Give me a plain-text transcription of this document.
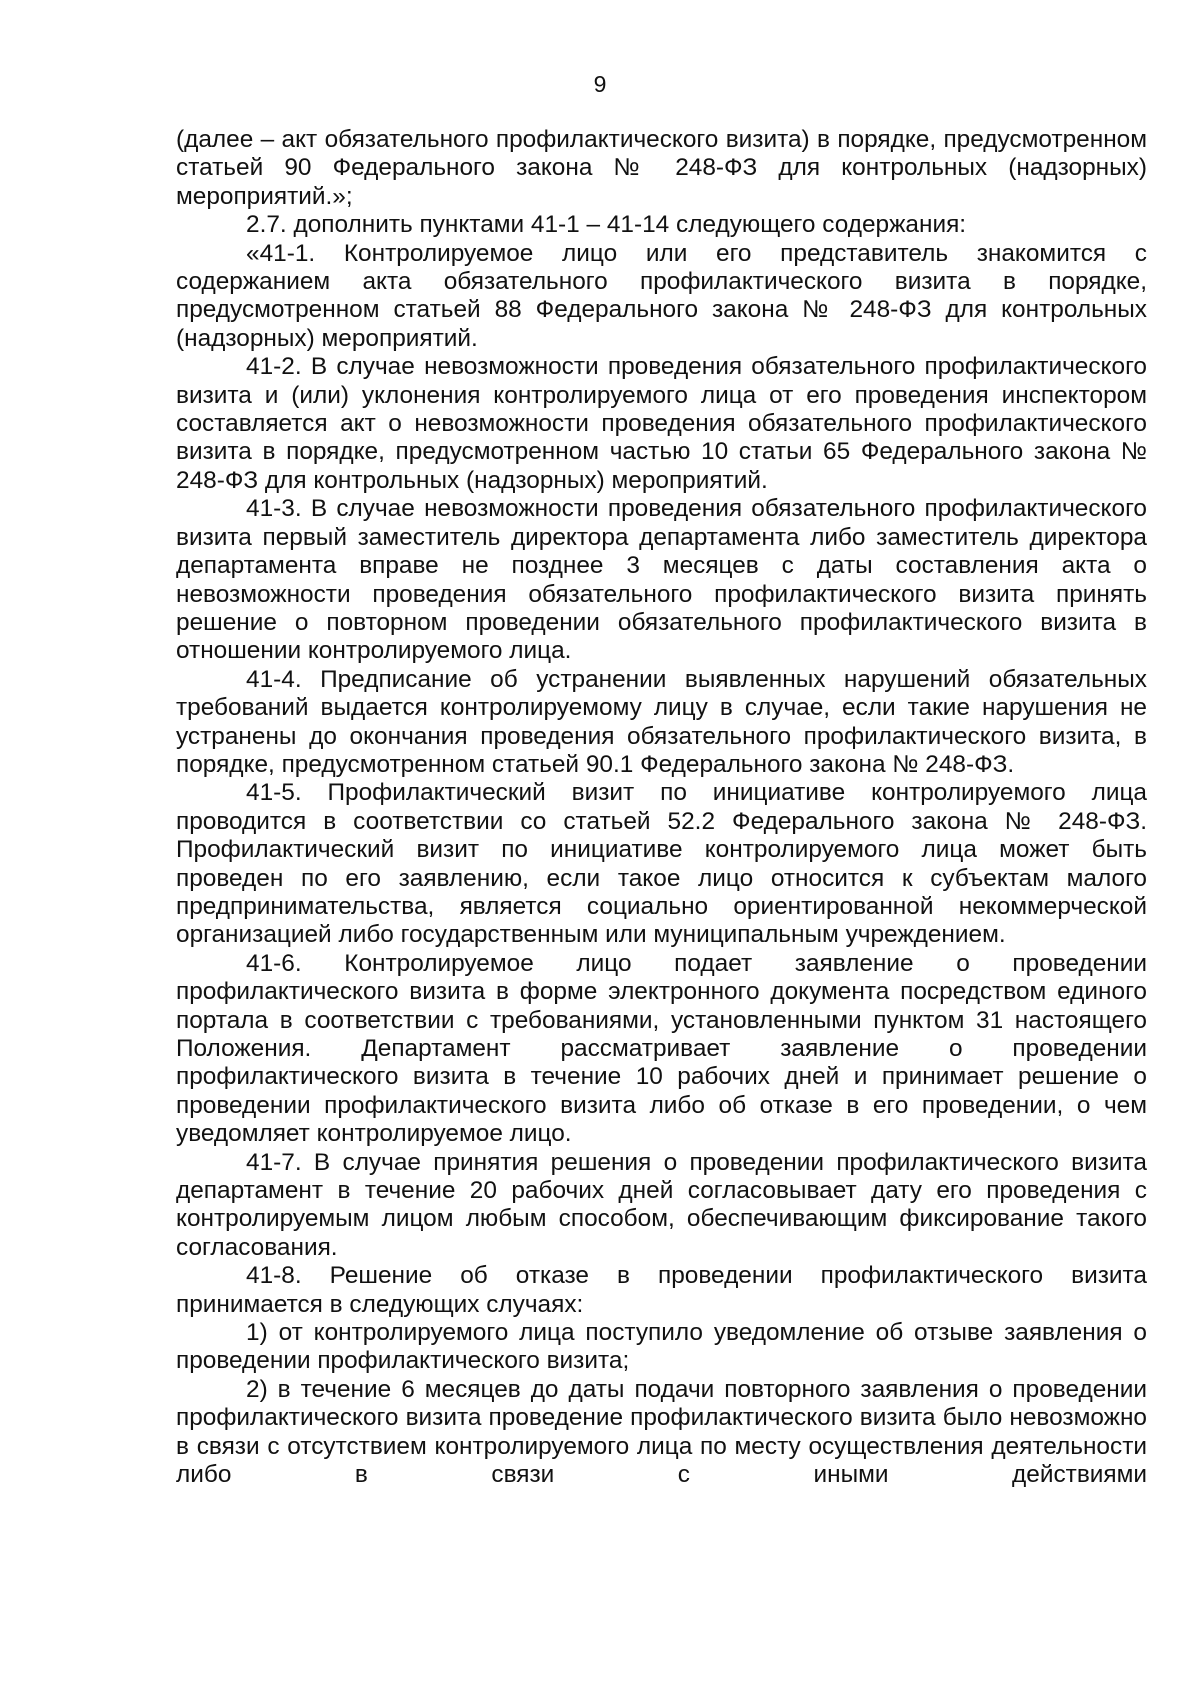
9

(далее – акт обязательного профилактического визита) в порядке, предусмотренном статьей 90 Федерального закона № 248-ФЗ для контрольных (надзорных) мероприятий.»;

2.7. дополнить пунктами 41-1 – 41-14 следующего содержания:

«41-1. Контролируемое лицо или его представитель знакомится с содержанием акта обязательного профилактического визита в порядке, предусмотренном статьей 88 Федерального закона № 248-ФЗ для контрольных (надзорных) мероприятий.

41-2. В случае невозможности проведения обязательного профилактического визита и (или) уклонения контролируемого лица от его проведения инспектором составляется акт о невозможности проведения обязательного профилактического визита в порядке, предусмотренном частью 10 статьи 65 Федерального закона № 248-ФЗ для контрольных (надзорных) мероприятий.

41-3. В случае невозможности проведения обязательного профилактического визита первый заместитель директора департамента либо заместитель директора департамента вправе не позднее 3 месяцев с даты составления акта о невозможности проведения обязательного профилактического визита принять решение о повторном проведении обязательного профилактического визита в отношении контролируемого лица.

41-4. Предписание об устранении выявленных нарушений обязательных требований выдается контролируемому лицу в случае, если такие нарушения не устранены до окончания проведения обязательного профилактического визита, в порядке, предусмотренном статьей 90.1 Федерального закона № 248-ФЗ.

41-5. Профилактический визит по инициативе контролируемого лица проводится в соответствии со статьей 52.2 Федерального закона № 248-ФЗ. Профилактический визит по инициативе контролируемого лица может быть проведен по его заявлению, если такое лицо относится к субъектам малого предпринимательства, является социально ориентированной некоммерческой организацией либо государственным или муниципальным учреждением.

41-6. Контролируемое лицо подает заявление о проведении профилактического визита в форме электронного документа посредством единого портала в соответствии с требованиями, установленными пунктом 31 настоящего Положения. Департамент рассматривает заявление о проведении профилактического визита в течение 10 рабочих дней и принимает решение о проведении профилактического визита либо об отказе в его проведении, о чем уведомляет контролируемое лицо.

41-7. В случае принятия решения о проведении профилактического визита департамент в течение 20 рабочих дней согласовывает дату его проведения с контролируемым лицом любым способом, обеспечивающим фиксирование такого согласования.

41-8. Решение об отказе в проведении профилактического визита принимается в следующих случаях:

1) от контролируемого лица поступило уведомление об отзыве заявления о проведении профилактического визита;

2) в течение 6 месяцев до даты подачи повторного заявления о проведении профилактического визита проведение профилактического визита было невозможно в связи с отсутствием контролируемого лица по месту осуществления деятельности либо в связи с иными действиями
